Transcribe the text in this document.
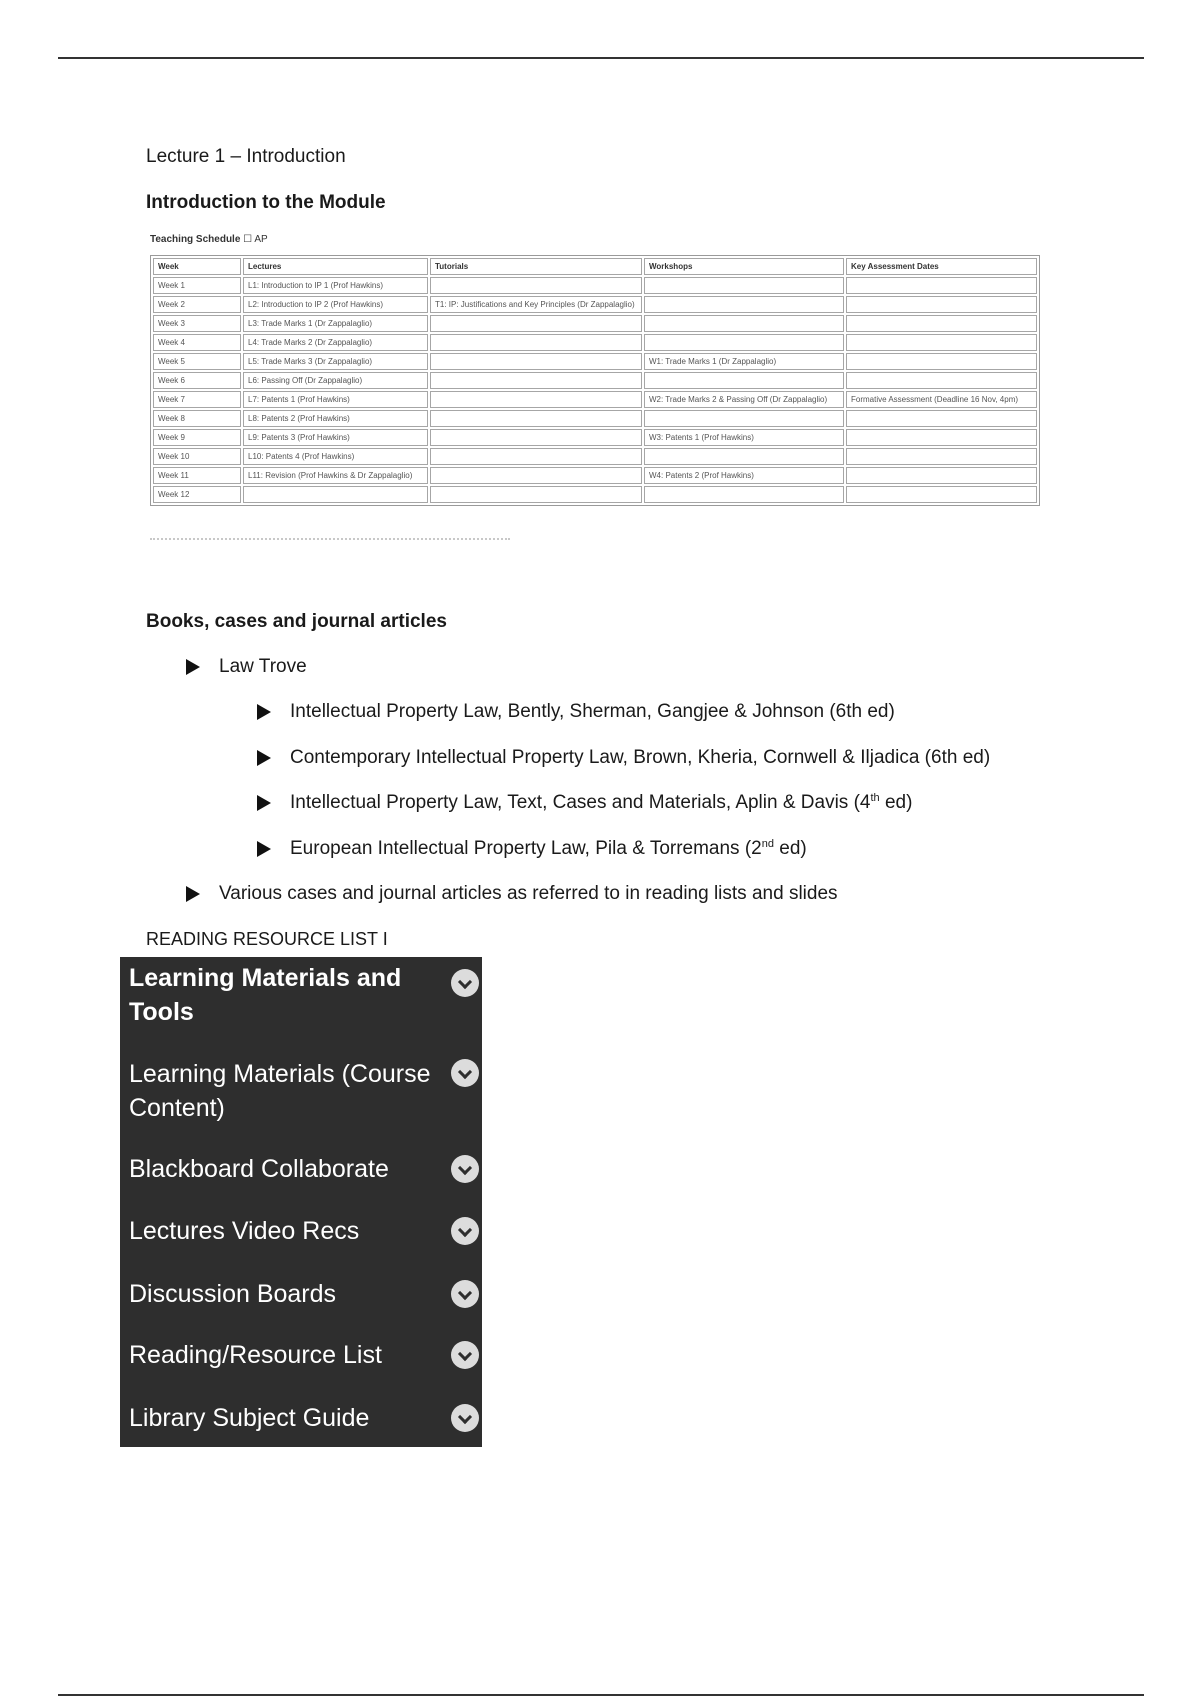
Lecture 1 – Introduction
Introduction to the Module
Teaching Schedule ☐ AP
Week	Lectures	Tutorials	Workshops	Key Assessment Dates
Week 1	L1: Introduction to IP 1 (Prof Hawkins)			
Week 2	L2: Introduction to IP 2 (Prof Hawkins)	T1: IP: Justifications and Key Principles (Dr Zappalaglio)		
Week 3	L3: Trade Marks 1 (Dr Zappalaglio)			
Week 4	L4: Trade Marks 2 (Dr Zappalaglio)			
Week 5	L5: Trade Marks 3 (Dr Zappalaglio)		W1: Trade Marks 1 (Dr Zappalaglio)	
Week 6	L6: Passing Off (Dr Zappalaglio)			
Week 7	L7: Patents 1 (Prof Hawkins)		W2: Trade Marks 2 & Passing Off (Dr Zappalaglio)	Formative Assessment (Deadline 16 Nov, 4pm)
Week 8	L8: Patents 2 (Prof Hawkins)			
Week 9	L9: Patents 3 (Prof Hawkins)		W3: Patents 1 (Prof Hawkins)	
Week 10	L10: Patents 4 (Prof Hawkins)			
Week 11	L11: Revision (Prof Hawkins & Dr Zappalaglio)		W4: Patents 2 (Prof Hawkins)	
Week 12				
Books, cases and journal articles
Law Trove
Intellectual Property Law, Bently, Sherman, Gangjee & Johnson (6th ed)
Contemporary Intellectual Property Law, Brown, Kheria, Cornwell & Iljadica (6th ed)
Intellectual Property Law, Text, Cases and Materials, Aplin & Davis (4th ed)
European Intellectual Property Law, Pila & Torremans (2nd ed)
Various cases and journal articles as referred to in reading lists and slides
READING RESOURCE LIST I
Learning Materials and
Tools
Learning Materials (Course
Content)
Blackboard Collaborate
Lectures Video Recs
Discussion Boards
Reading/Resource List
Library Subject Guide
